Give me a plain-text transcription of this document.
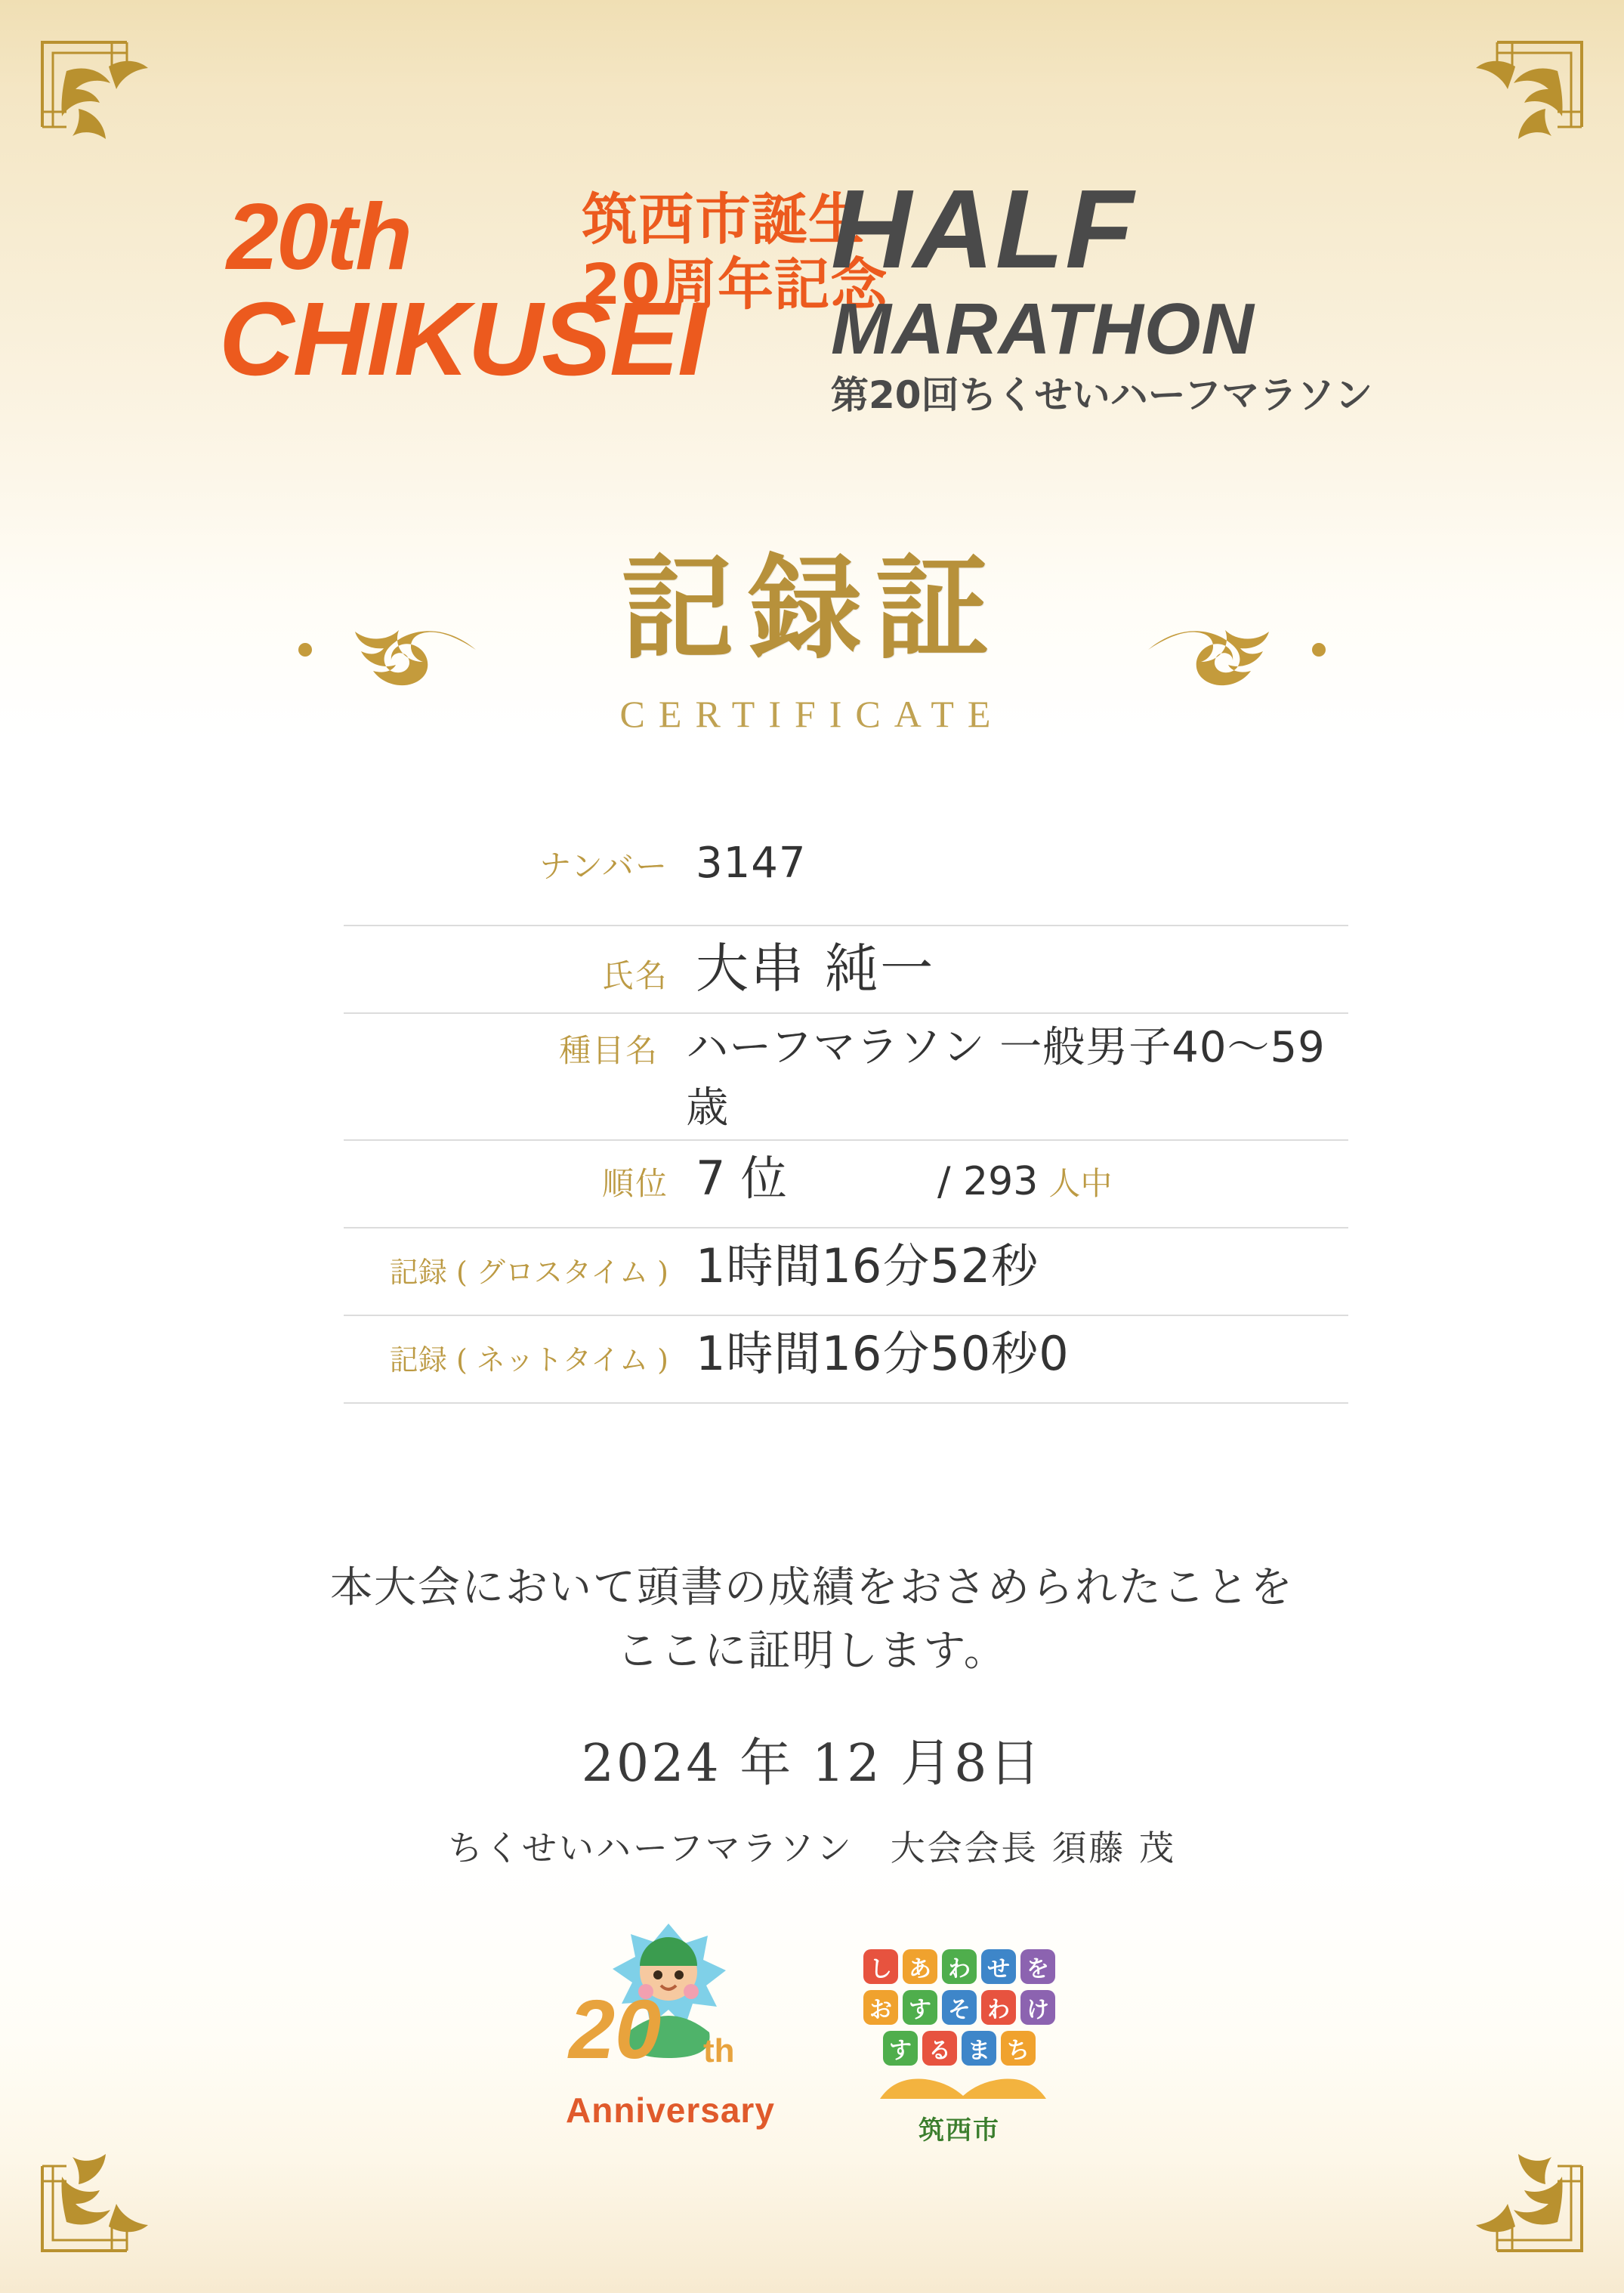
20th
CHIKUSEI
筑西市誕生
20周年記念
HALF
MARATHON
第20回ちくせいハーフマラソン
記録証
CERTIFICATE
ナンバー 3147
氏名 大串 純一
種目名 ハーフマラソン 一般男子40〜59歳
順位 7 位	/ 293 人中
記録 ( グロスタイム ) 1時間16分52秒
記録 ( ネットタイム ) 1時間16分50秒0
本大会において頭書の成績をおさめられたことを
ここに証明します。
2024 年 12 月8日
ちくせいハーフマラソン　大会会長 須藤 茂
20 th
Anniversary
し あ わ せ を
お す そ わ け
す る ま ち
筑西市
